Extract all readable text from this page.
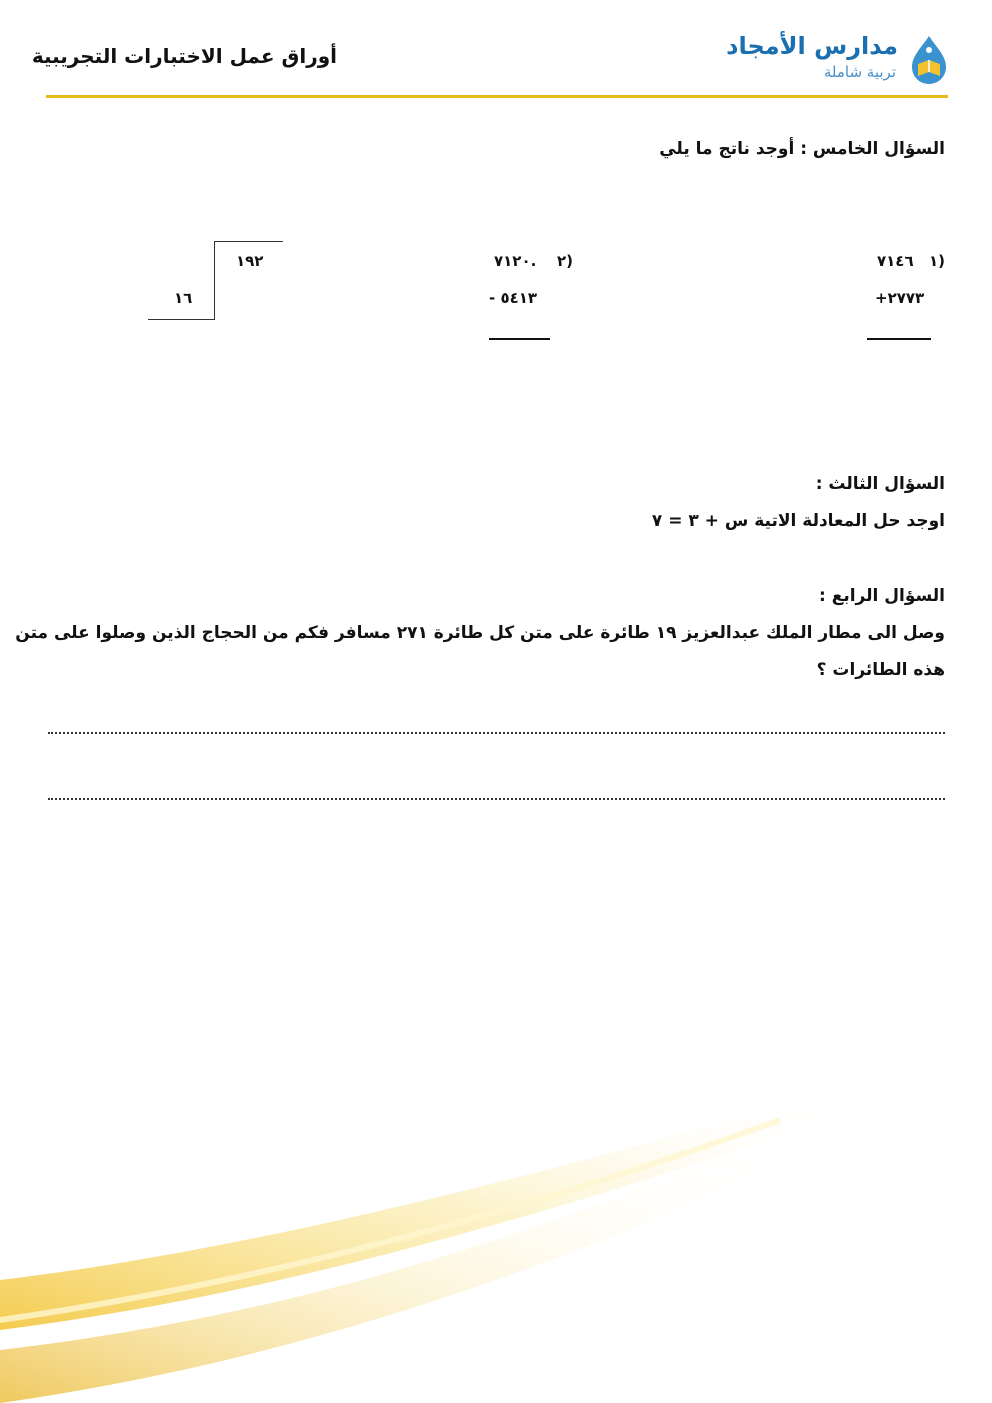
أوراق عمل الاختبارات التجريبية	مدارس الأمجاد
تربية شاملة
السؤال الخامس : أوجد ناتج ما يلي
١)
٧١٤٦
+٢٧٧٣
٢)
٧١٢٠.
- ٥٤١٣
١٩٢
١٦
السؤال الثالث :
اوجد حل المعادلة الاتية س + ٣ = ٧
السؤال الرابع :
وصل الى مطار الملك عبدالعزيز ١٩ طائرة على متن كل طائرة ٢٧١ مسافر فكم من الحجاج الذين وصلوا على متن
هذه الطائرات ؟
